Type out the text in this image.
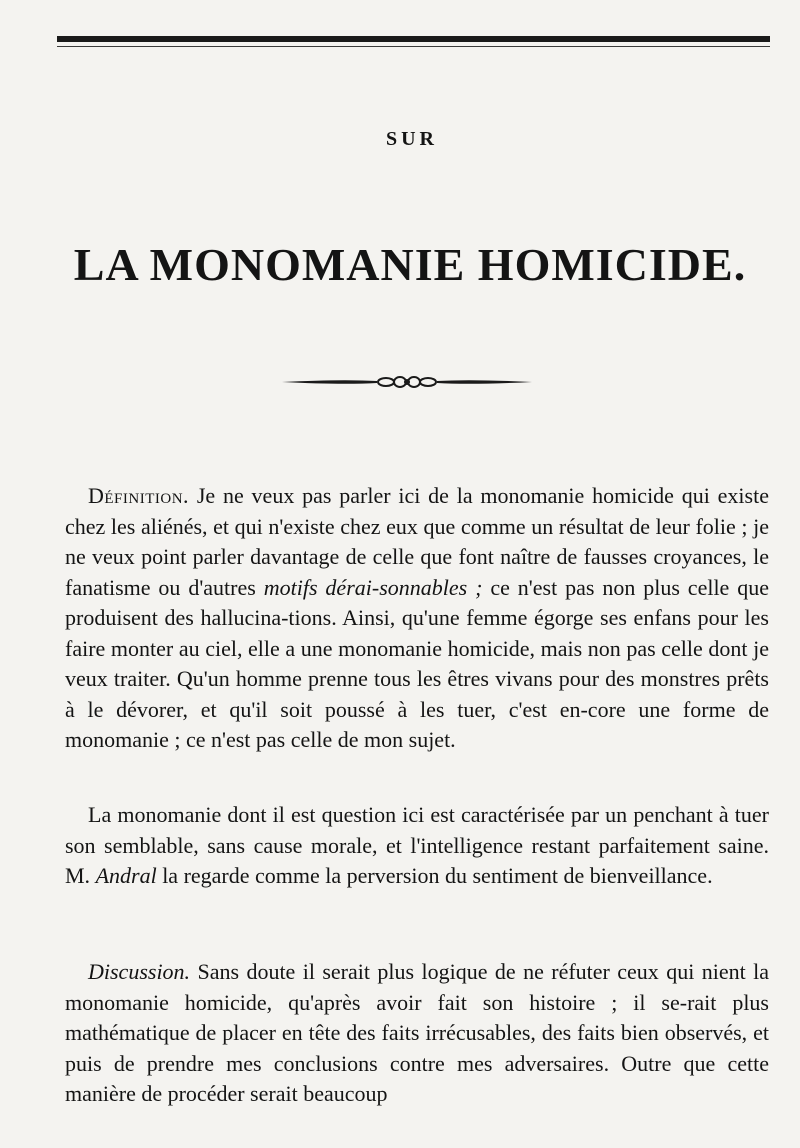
SUR
LA MONOMANIE HOMICIDE.

Définition. Je ne veux pas parler ici de la monomanie homicide qui existe chez les aliénés, et qui n'existe chez eux que comme un résultat de leur folie ; je ne veux point parler davantage de celle que font naître de fausses croyances, le fanatisme ou d'autres motifs dérai-sonnables ; ce n'est pas non plus celle que produisent des hallucina-tions. Ainsi, qu'une femme égorge ses enfans pour les faire monter au ciel, elle a une monomanie homicide, mais non pas celle dont je veux traiter. Qu'un homme prenne tous les êtres vivans pour des monstres prêts à le dévorer, et qu'il soit poussé à les tuer, c'est en-core une forme de monomanie ; ce n'est pas celle de mon sujet.

La monomanie dont il est question ici est caractérisée par un penchant à tuer son semblable, sans cause morale, et l'intelligence restant parfaitement saine. M. Andral la regarde comme la perversion du sentiment de bienveillance.

Discussion. Sans doute il serait plus logique de ne réfuter ceux qui nient la monomanie homicide, qu'après avoir fait son histoire ; il se-rait plus mathématique de placer en tête des faits irrécusables, des faits bien observés, et puis de prendre mes conclusions contre mes adversaires. Outre que cette manière de procéder serait beaucoup
